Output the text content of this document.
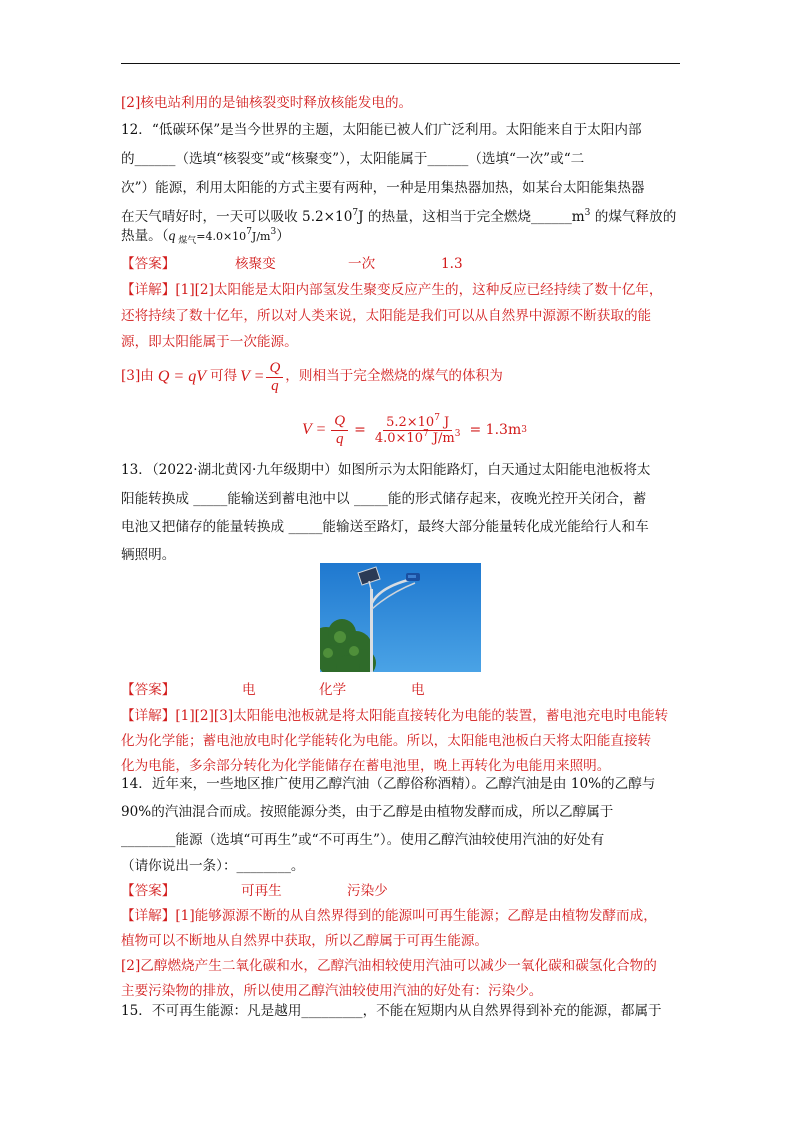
[2]核电站利用的是铀核裂变时释放核能发电的。
12．“低碳环保”是当今世界的主题，太阳能已被人们广泛利用。太阳能来自于太阳内部
的______（选填“核裂变”或“核聚变”），太阳能属于______（选填“一次”或“二
次”）能源，利用太阳能的方式主要有两种，一种是用集热器加热，如某台太阳能集热器
在天气晴好时，一天可以吸收 $5.2\times 10^7J$ 的热量，这相当于完全燃烧$\_\_\_\_\_\_m^3$ 的煤气释放的
热量。（q $_{煤气}=4.0\times 10^7J/m^3$）
【答案】	核聚变	一次	1.3
【详解】[1][2]太阳能是太阳内部氢发生聚变反应产生的，这种反应已经持续了数十亿年，
还将持续了数十亿年，所以对人类来说，太阳能是我们可以从自然界中源源不断获取的能
源，即太阳能属于一次能源。
[3]由 Q = qV 可得 $V = \frac{Q}{q}$ ，则相当于完全燃烧的煤气的体积为
$V = \frac{Q}{q} = \frac{5.2\times 10^7 J}{4.0\times 10^7 J/m^3} = 1.3m$ 3
13．（2022·湖北黄冈·九年级期中）如图所示为太阳能路灯，白天通过太阳能电池板将太
阳能转换成 _____能输送到蓄电池中以 _____能的形式储存起来，夜晚光控开关闭合，蓄
电池又把储存的能量转换成 _____能输送至路灯，最终大部分能量转化成光能给行人和车
辆照明。
【答案】	电	化学	电
【详解】[1][2][3]太阳能电池板就是将太阳能直接转化为电能的装置，蓄电池充电时电能转
化为化学能；蓄电池放电时化学能转化为电能。所以，太阳能电池板白天将太阳能直接转
化为电能，多余部分转化为化学能储存在蓄电池里，晚上再转化为电能用来照明。
14．近年来，一些地区推广使用乙醇汽油（乙醇俗称酒精）。乙醇汽油是由 10%的乙醇与
90%的汽油混合而成。按照能源分类，由于乙醇是由植物发酵而成，所以乙醇属于
________能源（选填“可再生”或“不可再生”）。使用乙醇汽油较使用汽油的好处有
（请你说出一条）：________。
【答案】	可再生	污染少
【详解】[1]能够源源不断的从自然界得到的能源叫可再生能源；乙醇是由植物发酵而成，
植物可以不断地从自然界中获取，所以乙醇属于可再生能源。
[2]乙醇燃烧产生二氧化碳和水，乙醇汽油相较使用汽油可以减少一氧化碳和碳氢化合物的
主要污染物的排放，所以使用乙醇汽油较使用汽油的好处有：污染少。
15．不可再生能源：凡是越用_________，不能在短期内从自然界得到补充的能源，都属于
